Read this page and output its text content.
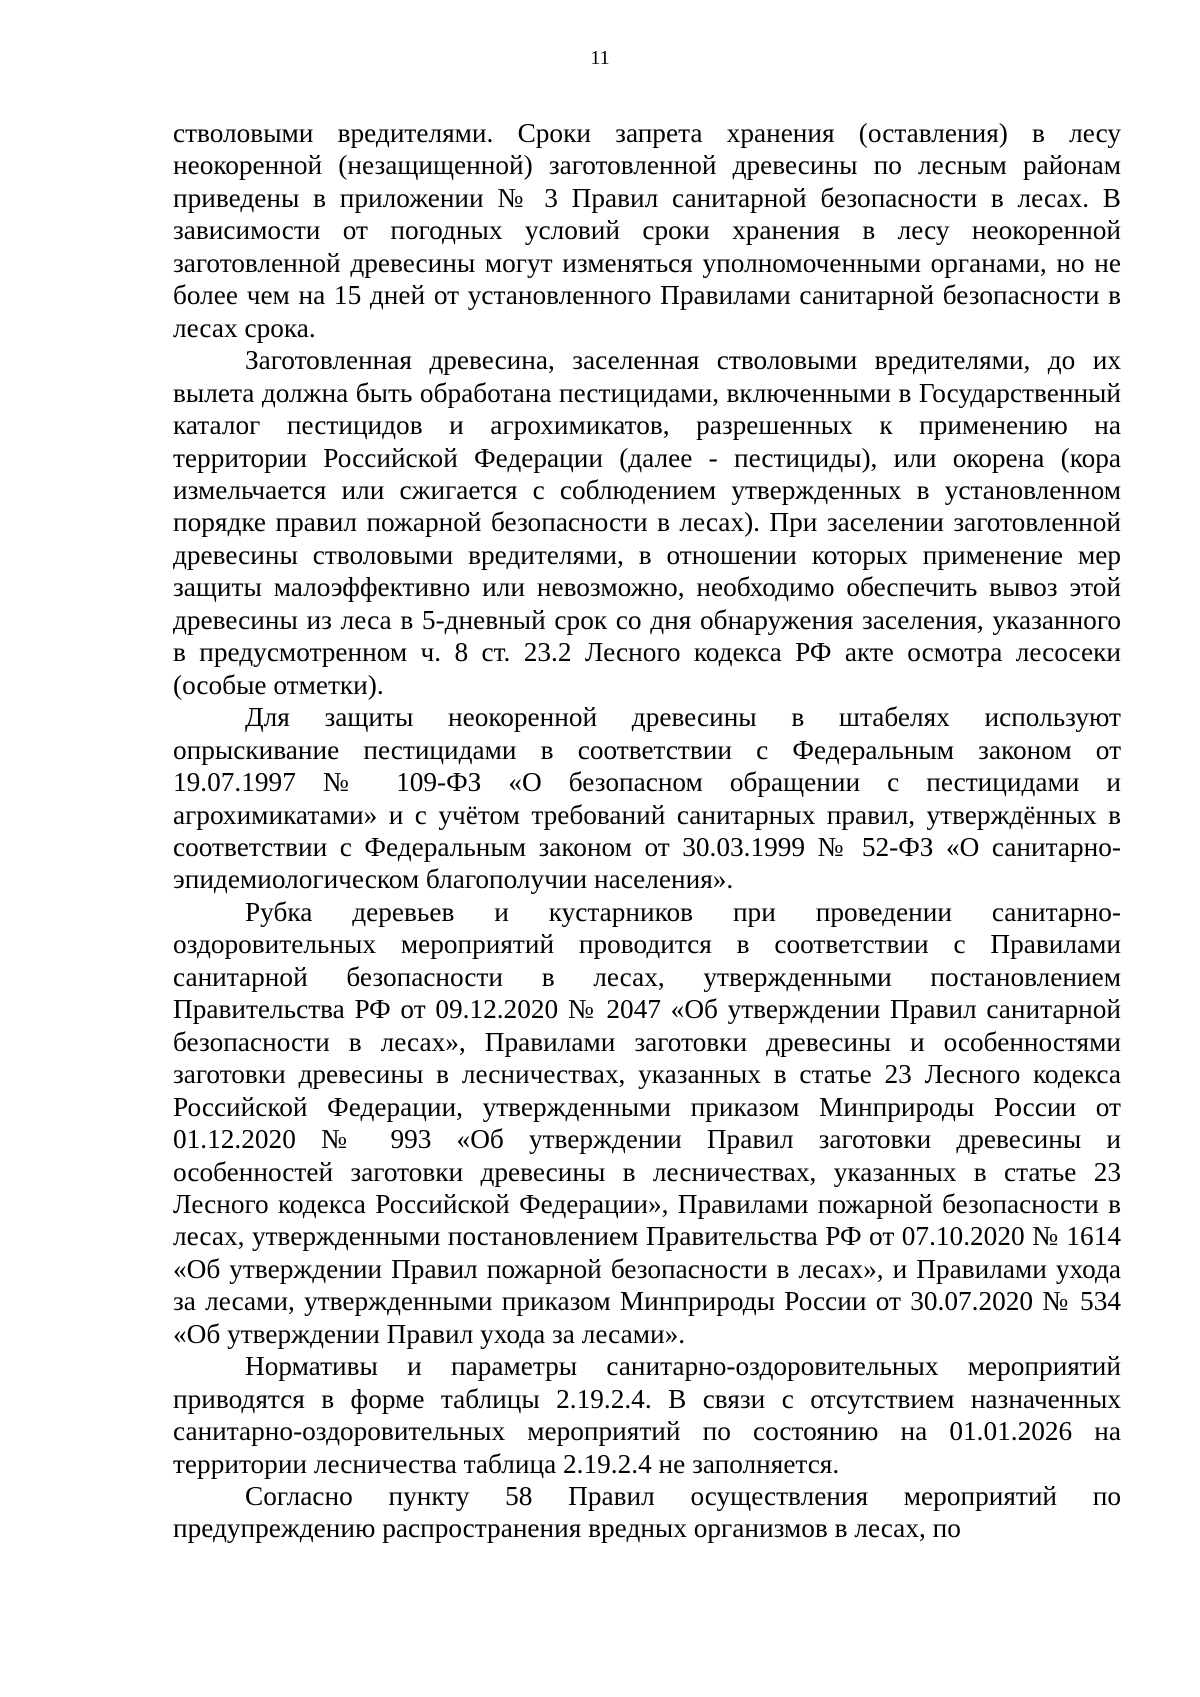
11

стволовыми вредителями. Сроки запрета хранения (оставления) в лесу неокоренной (незащищенной) заготовленной древесины по лесным районам приведены в приложении № 3 Правил санитарной безопасности в лесах. В зависимости от погодных условий сроки хранения в лесу неокоренной заготовленной древесины могут изменяться уполномоченными органами, но не более чем на 15 дней от установленного Правилами санитарной безопасности в лесах срока.

Заготовленная древесина, заселенная стволовыми вредителями, до их вылета должна быть обработана пестицидами, включенными в Государственный каталог пестицидов и агрохимикатов, разрешенных к применению на территории Российской Федерации (далее - пестициды), или окорена (кора измельчается или сжигается с соблюдением утвержденных в установленном порядке правил пожарной безопасности в лесах). При заселении заготовленной древесины стволовыми вредителями, в отношении которых применение мер защиты малоэффективно или невозможно, необходимо обеспечить вывоз этой древесины из леса в 5-дневный срок со дня обнаружения заселения, указанного в предусмотренном ч. 8 ст. 23.2 Лесного кодекса РФ акте осмотра лесосеки (особые отметки).

Для защиты неокоренной древесины в штабелях используют опрыскивание пестицидами в соответствии с Федеральным законом от 19.07.1997 № 109-ФЗ «О безопасном обращении с пестицидами и агрохимикатами» и с учётом требований санитарных правил, утверждённых в соответствии с Федеральным законом от 30.03.1999 № 52-ФЗ «О санитарно-эпидемиологическом благополучии населения».

Рубка деревьев и кустарников при проведении санитарно-оздоровительных мероприятий проводится в соответствии с Правилами санитарной безопасности в лесах, утвержденными постановлением Правительства РФ от 09.12.2020 № 2047 «Об утверждении Правил санитарной безопасности в лесах», Правилами заготовки древесины и особенностями заготовки древесины в лесничествах, указанных в статье 23 Лесного кодекса Российской Федерации, утвержденными приказом Минприроды России от 01.12.2020 № 993 «Об утверждении Правил заготовки древесины и особенностей заготовки древесины в лесничествах, указанных в статье 23 Лесного кодекса Российской Федерации», Правилами пожарной безопасности в лесах, утвержденными постановлением Правительства РФ от 07.10.2020 № 1614 «Об утверждении Правил пожарной безопасности в лесах», и Правилами ухода за лесами, утвержденными приказом Минприроды России от 30.07.2020 № 534 «Об утверждении Правил ухода за лесами».

Нормативы и параметры санитарно-оздоровительных мероприятий приводятся в форме таблицы 2.19.2.4. В связи с отсутствием назначенных санитарно-оздоровительных мероприятий по состоянию на 01.01.2026 на территории лесничества таблица 2.19.2.4 не заполняется.

Согласно пункту 58 Правил осуществления мероприятий по предупреждению распространения вредных организмов в лесах, по
